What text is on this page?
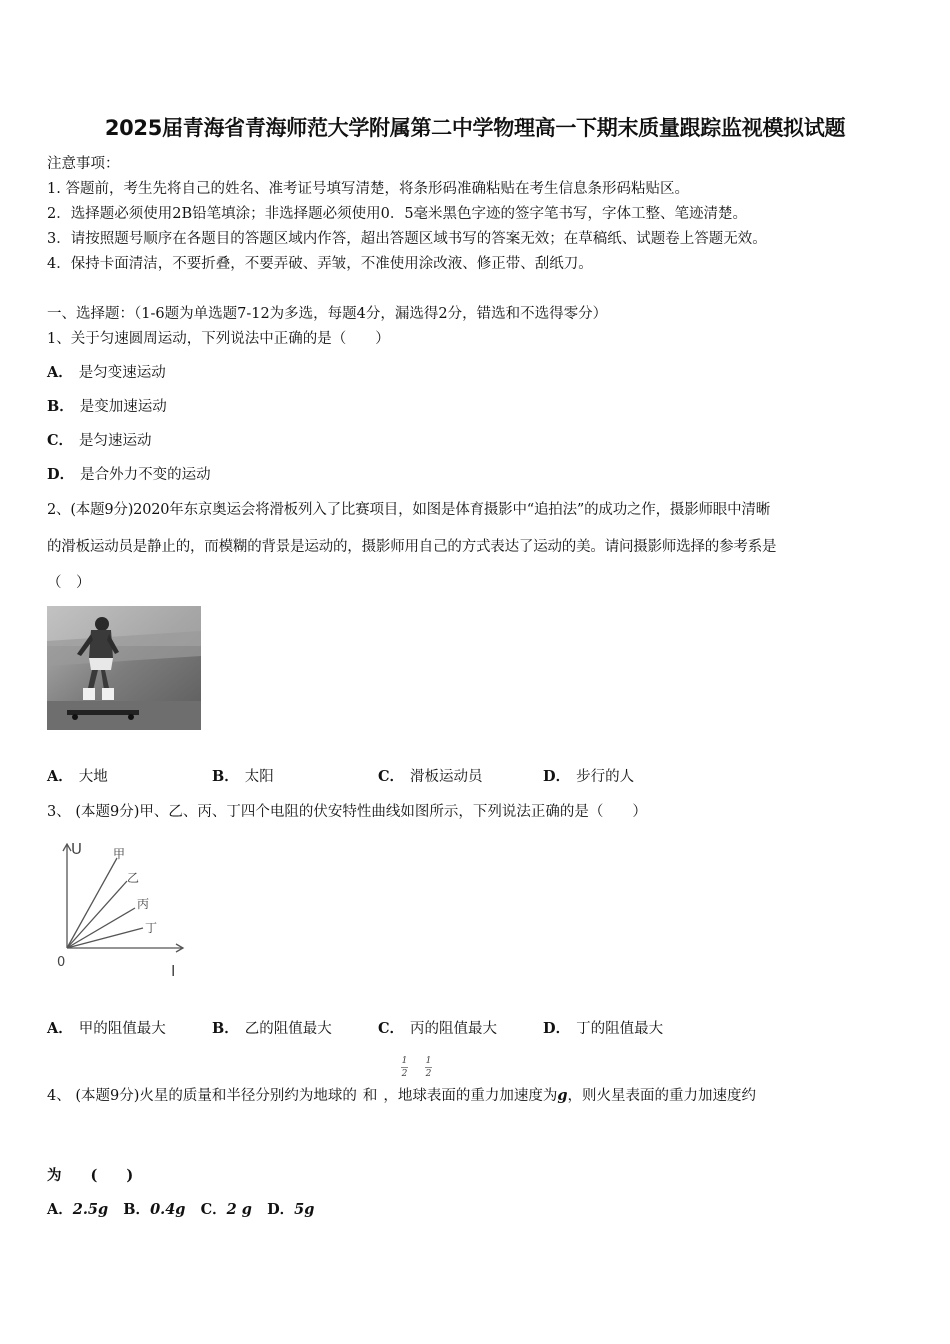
2025届青海省青海师范大学附属第二中学物理高一下期末质量跟踪监视模拟试题
注意事项：
1. 答题前，考生先将自己的姓名、准考证号填写清楚，将条形码准确粘贴在考生信息条形码粘贴区。
2．选择题必须使用2B铅笔填涂；非选择题必须使用0．5毫米黑色字迹的签字笔书写，字体工整、笔迹清楚。
3．请按照题号顺序在各题目的答题区域内作答，超出答题区域书写的答案无效；在草稿纸、试题卷上答题无效。
4．保持卡面清洁，不要折叠，不要弄破、弄皱，不准使用涂改液、修正带、刮纸刀。
一、选择题：（1-6题为单选题7-12为多选，每题4分，漏选得2分，错选和不选得零分）
1、关于匀速圆周运动，下列说法中正确的是（　　）
A． 是匀变速运动
B． 是变加速运动
C． 是匀速运动
D． 是合外力不变的运动
2、(本题9分)2020年东京奥运会将滑板列入了比赛项目，如图是体育摄影中“追拍法”的成功之作，摄影师眼中清晰
的滑板运动员是静止的，而模糊的背景是运动的，摄影师用自己的方式表达了运动的美。请问摄影师选择的参考系是
（　）
A． 大地	B． 太阳	C． 滑板运动员	D． 步行的人
3、 (本题9分)甲、乙、丙、丁四个电阻的伏安特性曲线如图所示，下列说法正确的是（　　）
U
I
0
甲
乙
丙
丁
A． 甲的阻值最大	B． 乙的阻值最大	C． 丙的阻值最大	D． 丁的阻值最大
4、 (本题9分)火星的质量和半径分别约为地球的 和 ，地球表面的重力加速度为g，则火星表面的重力加速度约
1
2
1
2
为　　(　　)
A．2.5g B．0.4g C．2 g D．5g
